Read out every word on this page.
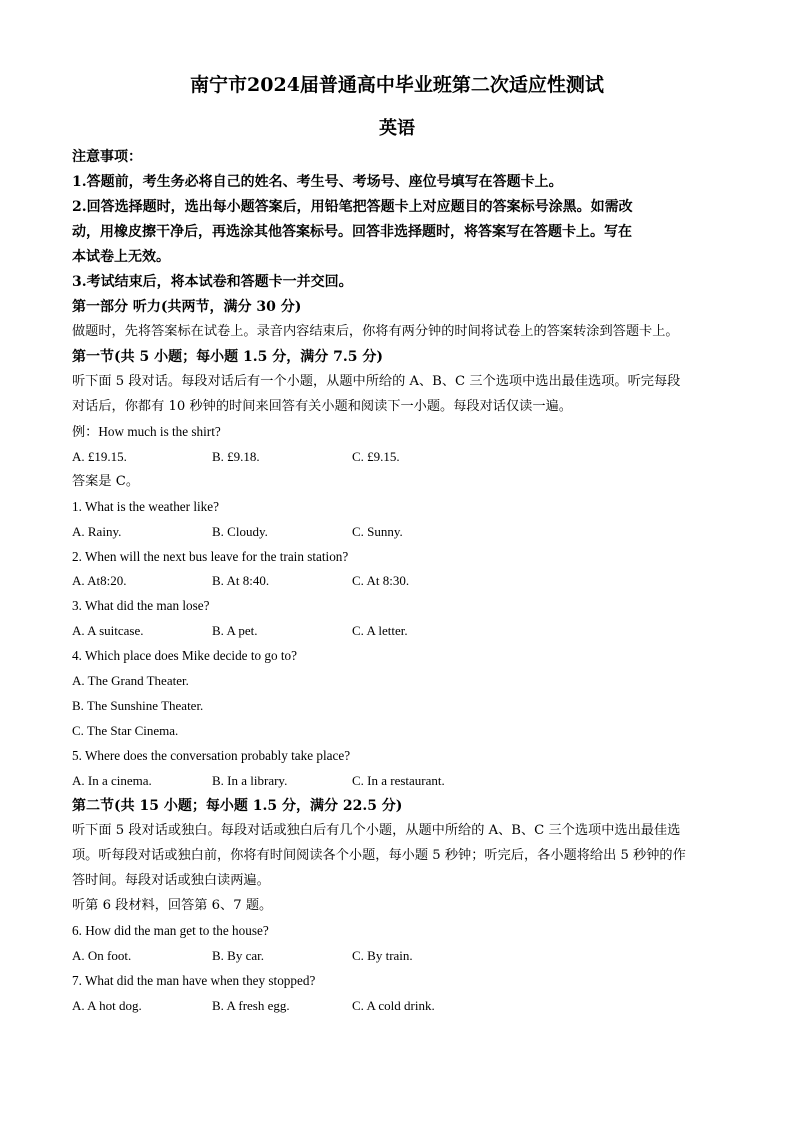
南宁市2024届普通高中毕业班第二次适应性测试
英语
注意事项：
1.答题前，考生务必将自己的姓名、考生号、考场号、座位号填写在答题卡上。
2.回答选择题时，选出每小题答案后，用铅笔把答题卡上对应题目的答案标号涂黑。如需改
动，用橡皮擦干净后，再选涂其他答案标号。回答非选择题时，将答案写在答题卡上。写在
本试卷上无效。
3.考试结束后，将本试卷和答题卡一并交回。
第一部分 听力(共两节，满分 30 分)
做题时，先将答案标在试卷上。录音内容结束后，你将有两分钟的时间将试卷上的答案转涂到答题卡上。
第一节(共 5 小题；每小题 1.5 分，满分 7.5 分)
听下面 5 段对话。每段对话后有一个小题，从题中所给的 A、B、C 三个选项中选出最佳选项。听完每段
对话后，你都有 10 秒钟的时间来回答有关小题和阅读下一小题。每段对话仅读一遍。
例：How much is the shirt?
A. £19.15.	B. £9.18.	C. £9.15.
答案是 C。
1. What is the weather like?
A. Rainy.	B. Cloudy.	C. Sunny.
2. When will the next bus leave for the train station?
A. At8:20.	B. At 8:40.	C. At 8:30.
3. What did the man lose?
A. A suitcase.	B. A pet.	C. A letter.
4. Which place does Mike decide to go to?
A. The Grand Theater.
B. The Sunshine Theater.
C. The Star Cinema.
5. Where does the conversation probably take place?
A. In a cinema.	B. In a library.	C. In a restaurant.
第二节(共 15 小题；每小题 1.5 分，满分 22.5 分)
听下面 5 段对话或独白。每段对话或独白后有几个小题，从题中所给的 A、B、C 三个选项中选出最佳选
项。听每段对话或独白前，你将有时间阅读各个小题，每小题 5 秒钟；听完后，各小题将给出 5 秒钟的作
答时间。每段对话或独白读两遍。
听第 6 段材料，回答第 6、7 题。
6. How did the man get to the house?
A. On foot.	B. By car.	C. By train.
7. What did the man have when they stopped?
A. A hot dog.	B. A fresh egg.	C. A cold drink.
